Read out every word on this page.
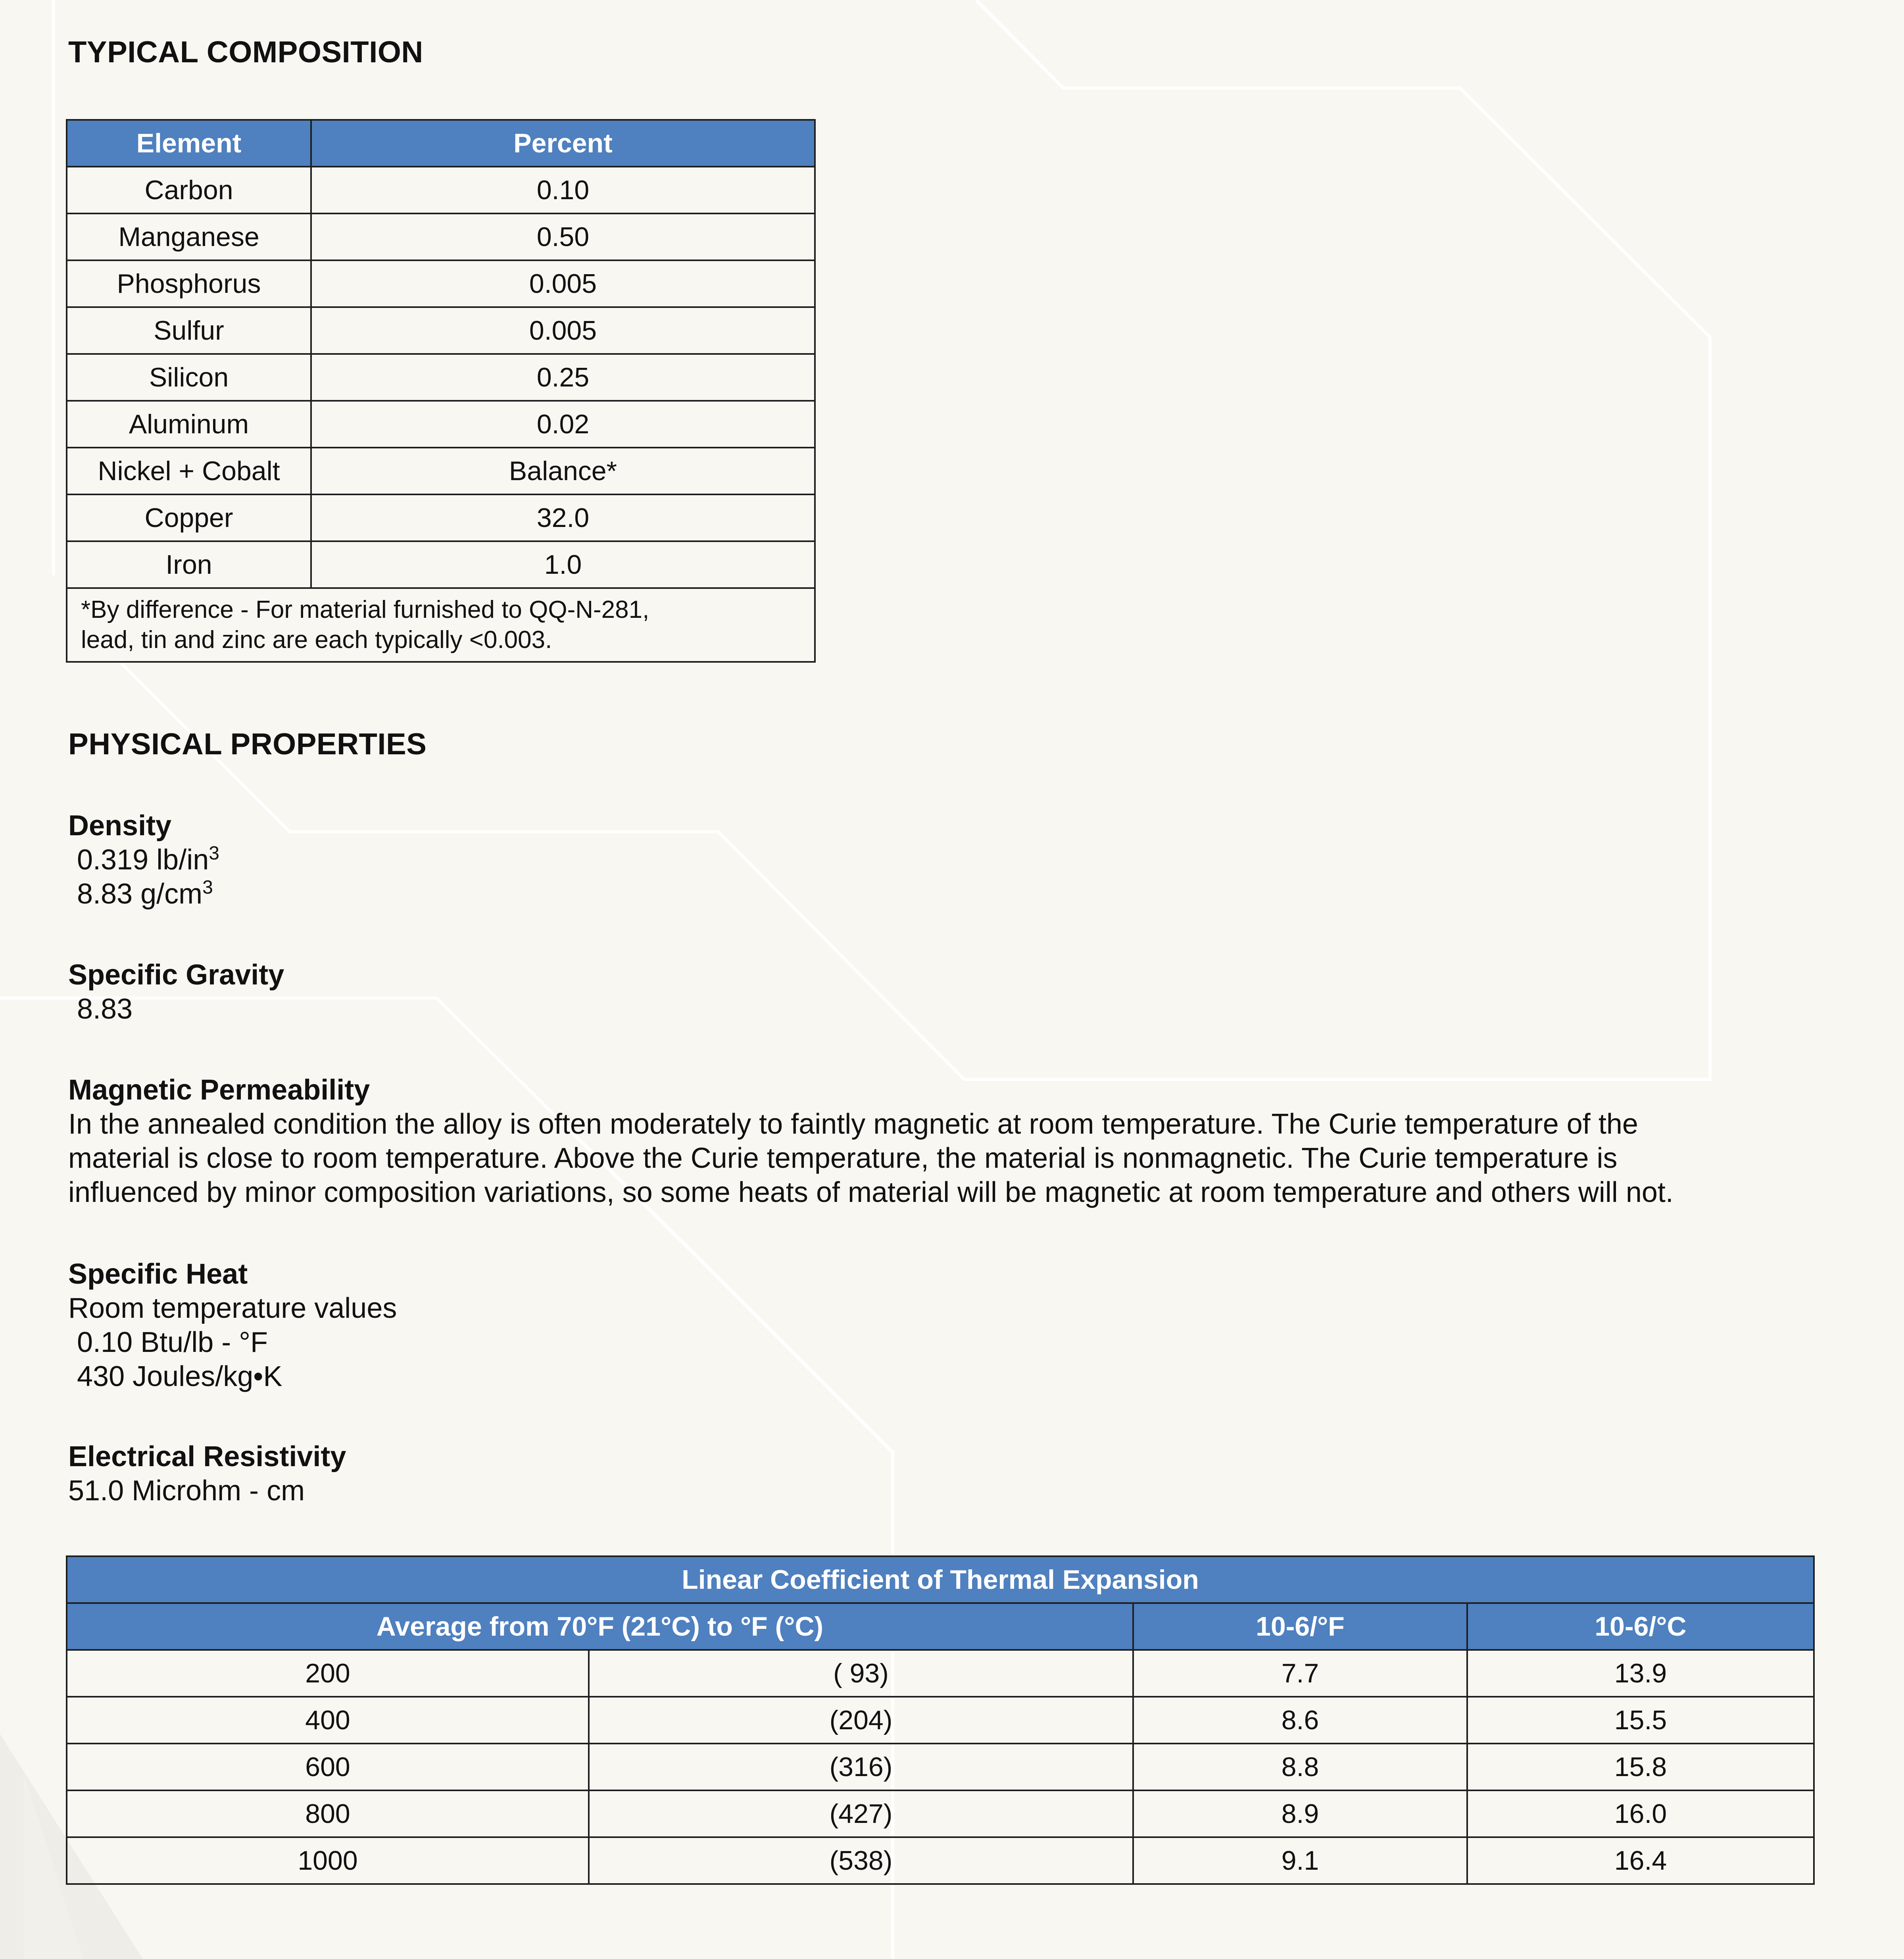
TYPICAL COMPOSITION
Element	Percent
Carbon	0.10
Manganese	0.50
Phosphorus	0.005
Sulfur	0.005
Silicon	0.25
Aluminum	0.02
Nickel + Cobalt	Balance*
Copper	32.0
Iron	1.0

*By difference - For material furnished to QQ-N-281,
lead, tin and zinc are each typically <0.003.	
PHYSICAL PROPERTIES
Density
0.319 $lb/in^3$
8.83 $g/cm^3$
Specific Gravity
8.83
Magnetic Permeability
In the annealed condition the alloy is often moderately to faintly magnetic at room temperature. The Curie temperature of the
material is close to room temperature. Above the Curie temperature, the material is nonmagnetic. The Curie temperature is
influenced by minor composition variations, so some heats of material will be magnetic at room temperature and others will not.
Specific Heat
Room temperature values
0.10 Btu/lb - °F
430 Joules/kg•K
Electrical Resistivity
51.0 Microhm - cm
Linear Coefficient of Thermal Expansion			
Average from 70°F (21°C) to °F (°C)		10-6/°F	10-6/°C
200	( 93)	7.7	13.9
400	(204)	8.6	15.5
600	(316)	8.8	15.8
800	(427)	8.9	16.0
1000	(538)	9.1	16.4
